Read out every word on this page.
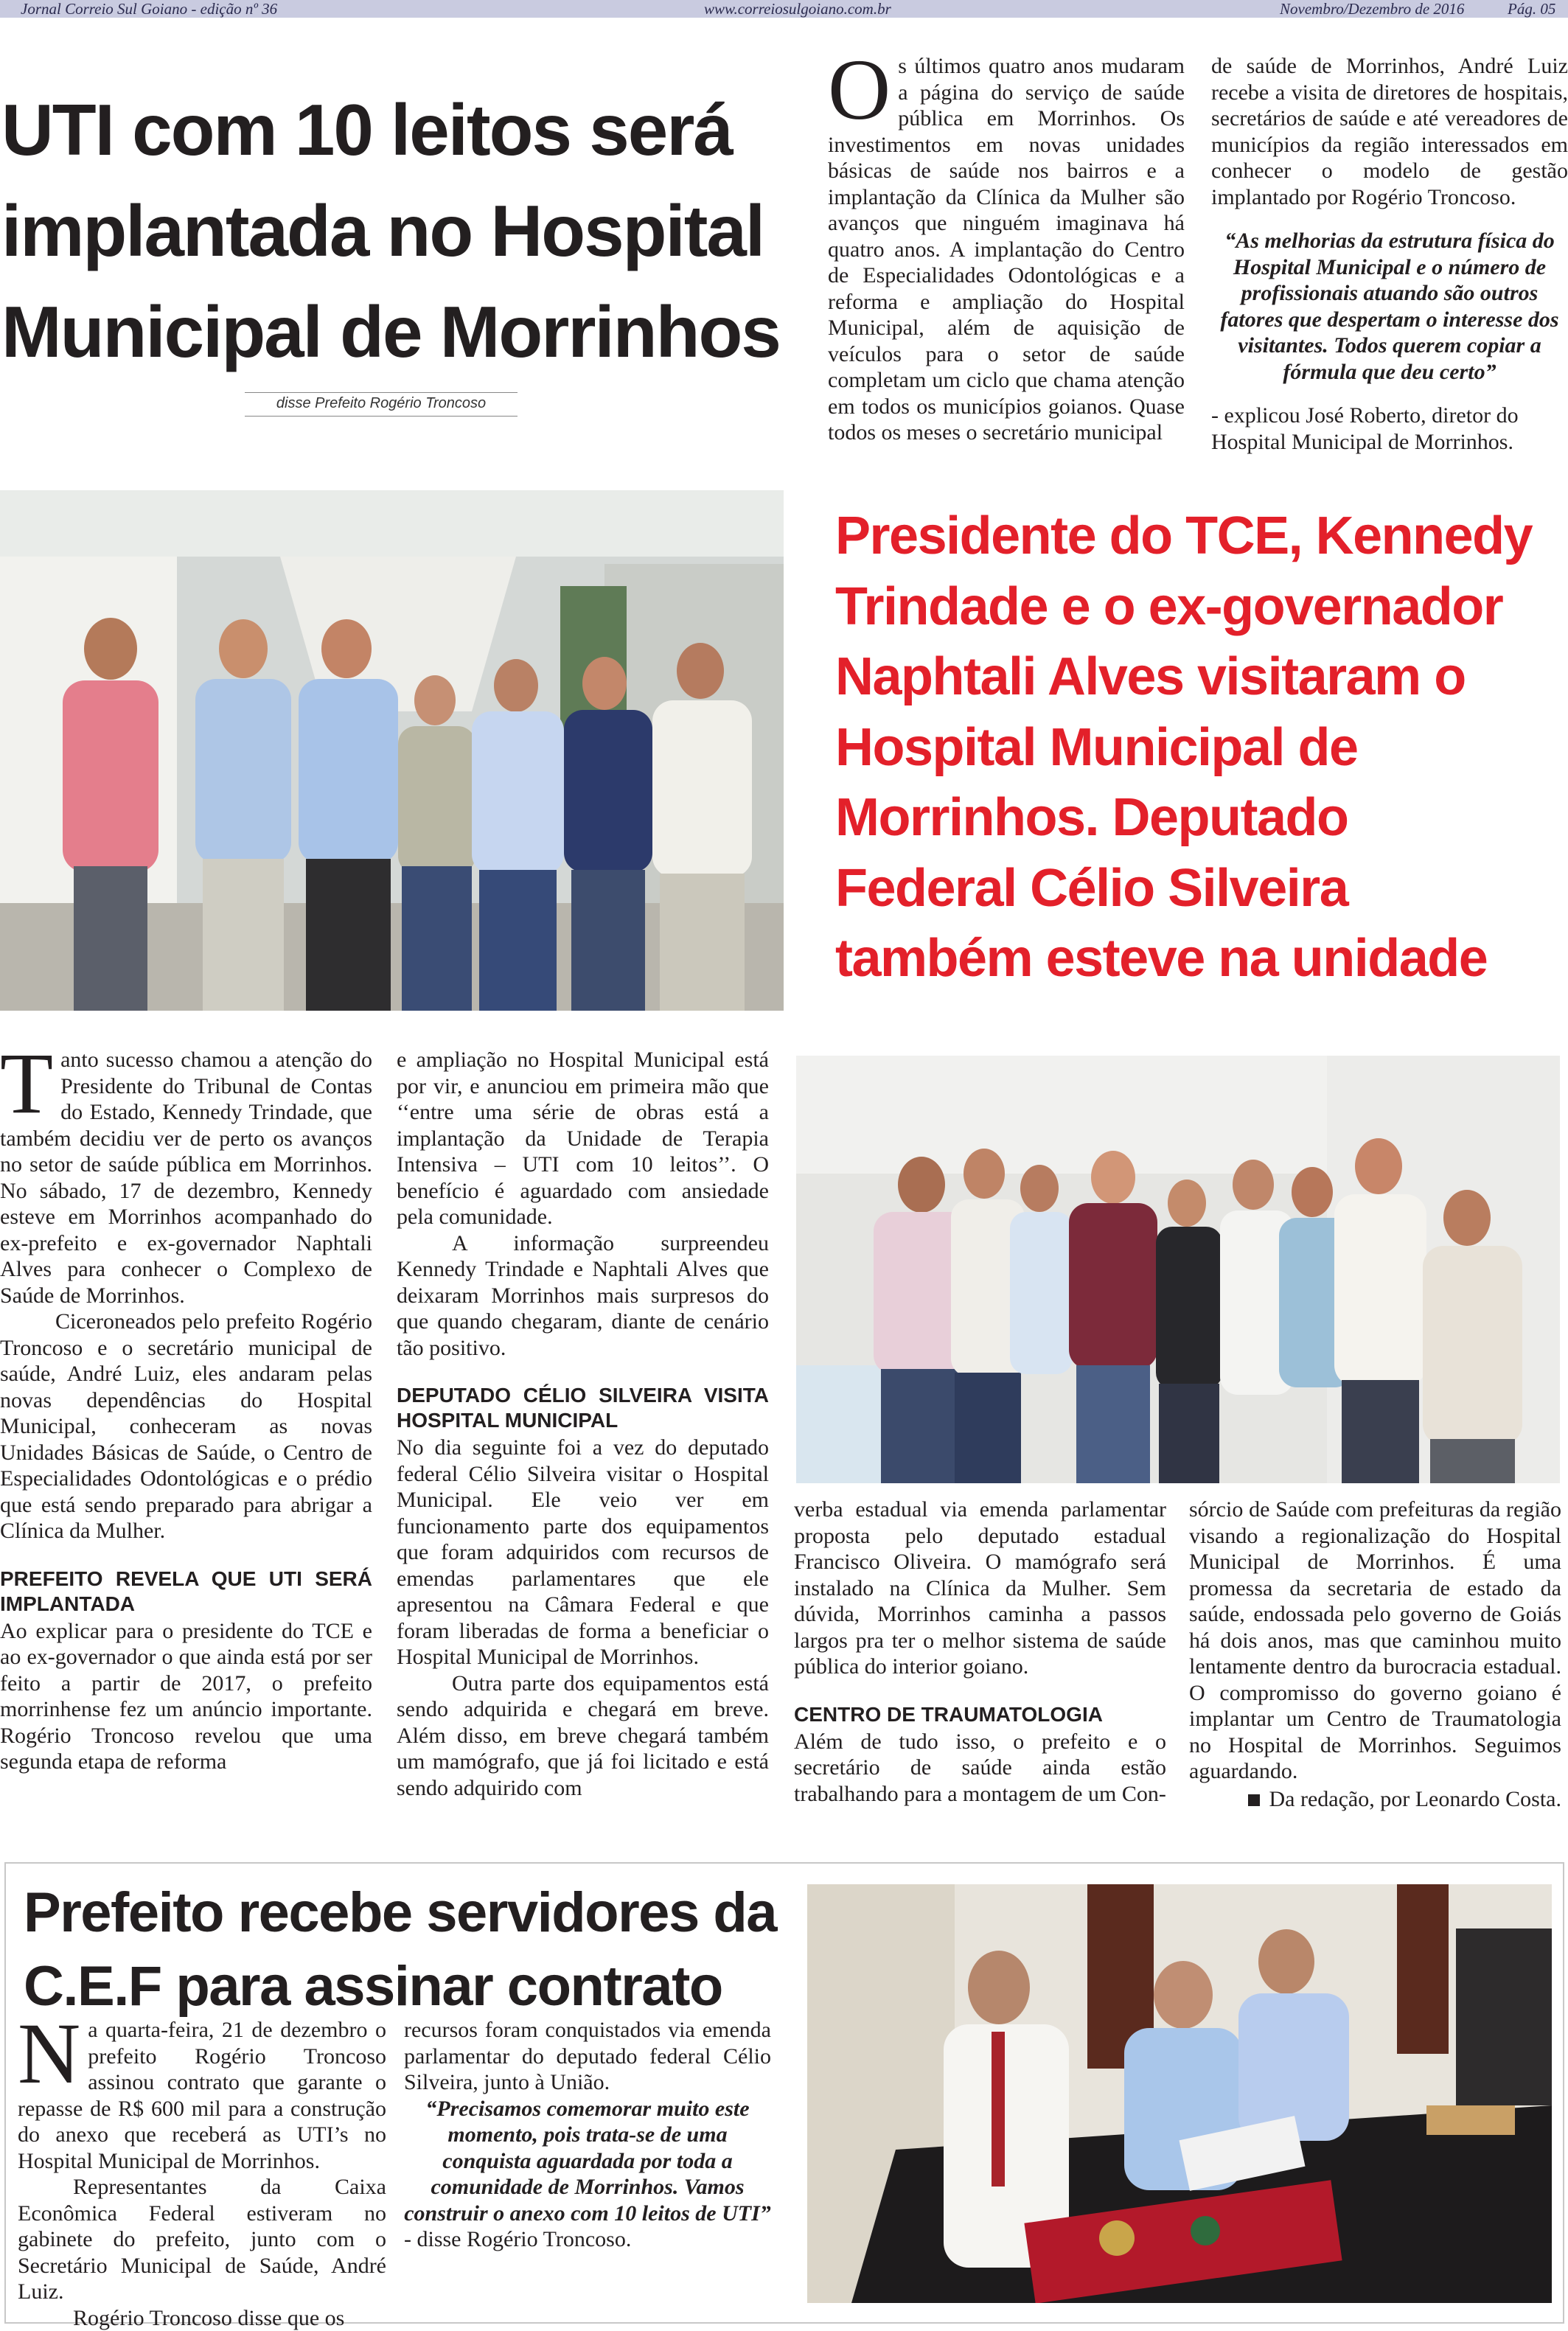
Jornal Correio Sul Goiano - edição nº 36	www.correiosulgoiano.com.br	Novembro/Dezembro de 2016	Pág. 05
UTI com 10 leitos será
implantada no Hospital
Municipal de Morrinhos
disse Prefeito Rogério Troncoso
O s últimos quatro anos mudaram a página do serviço de saúde pública em Morrinhos. Os investimentos em novas unidades básicas de saúde nos bairros e a implantação da Clínica da Mulher são avanços que ninguém imaginava há quatro anos. A implantação do Centro de Especialidades Odontológicas e a reforma e ampliação do Hospital Municipal, além de aquisição de veículos para o setor de saúde completam um ciclo que chama atenção em todos os municípios goianos. Quase todos os meses o secretário municipal

de saúde de Morrinhos, André Luiz recebe a visita de diretores de hospitais, secretários de saúde e até vereadores de municípios da região interessados em conhecer o modelo de gestão implantado por Rogério Troncoso.

“As melhorias da estrutura física do Hospital Municipal e o número de profissionais atuando são outros fatores que despertam o interesse dos visitantes. Todos querem copiar a fórmula que deu certo”

- explicou José Roberto, diretor do Hospital Municipal de Morrinhos.

Presidente do TCE, Kennedy
Trindade e o ex-governador
Naphtali Alves visitaram o
Hospital Municipal de
Morrinhos. Deputado
Federal Célio Silveira
também esteve na unidade
T anto sucesso chamou a atenção do Presidente do Tribunal de Contas do Estado, Kennedy Trindade, que também decidiu ver de perto os avanços no setor de saúde pública em Morrinhos. No sábado, 17 de dezembro, Kennedy esteve em Morrinhos acompanhado do ex-prefeito e ex-governador Naphtali Alves para conhecer o Complexo de Saúde de Morrinhos.

Ciceroneados pelo prefeito Rogério Troncoso e o secretário municipal de saúde, André Luiz, eles andaram pelas novas dependências do Hospital Municipal, conheceram as novas Unidades Básicas de Saúde, o Centro de Especialidades Odontológicas e o prédio que está sendo preparado para abrigar a Clínica da Mulher.

PREFEITO REVELA QUE UTI SERÁ IMPLANTADA

Ao explicar para o presidente do TCE e ao ex-governador o que ainda está por ser feito a partir de 2017, o prefeito morrinhense fez um anúncio importante. Rogério Troncoso revelou que uma segunda etapa de reforma

e ampliação no Hospital Municipal está por vir, e anunciou em primeira mão que ‘‘entre uma série de obras está a implantação da Unidade de Terapia Intensiva – UTI com 10 leitos’’. O benefício é aguardado com ansiedade pela comunidade.

A informação surpreendeu Kennedy Trindade e Naphtali Alves que deixaram Morrinhos mais surpresos do que quando chegaram, diante de cenário tão positivo.

DEPUTADO CÉLIO SILVEIRA VISITA HOSPITAL MUNICIPAL

No dia seguinte foi a vez do deputado federal Célio Silveira visitar o Hospital Municipal. Ele veio ver em funcionamento parte dos equipamentos que foram adquiridos com recursos de emendas parlamentares que ele apresentou na Câmara Federal e que foram liberadas de forma a beneficiar o Hospital Municipal de Morrinhos.

Outra parte dos equipamentos está sendo adquirida e chegará em breve. Além disso, em breve chegará também um mamógrafo, que já foi licitado e está sendo adquirido com

verba estadual via emenda parlamentar proposta pelo deputado estadual Francisco Oliveira. O mamógrafo será instalado na Clínica da Mulher. Sem dúvida, Morrinhos caminha a passos largos pra ter o melhor sistema de saúde pública do interior goiano.

CENTRO DE TRAUMATOLOGIA

Além de tudo isso, o prefeito e o secretário de saúde ainda estão trabalhando para a montagem de um Con-

sórcio de Saúde com prefeituras da região visando a regionalização do Hospital Municipal de Morrinhos. É uma promessa da secretaria de estado da saúde, endossada pelo governo de Goiás há dois anos, mas que caminhou muito lentamente dentro da burocracia estadual. O compromisso do governo goiano é implantar um Centro de Traumatologia no Hospital de Morrinhos. Seguimos aguardando.

Da redação, por Leonardo Costa.

Prefeito recebe servidores da
C.E.F para assinar contrato
N a quarta-feira, 21 de dezembro o prefeito Rogério Troncoso assinou contrato que garante o repasse de R$ 600 mil para a construção do anexo que receberá as UTI’s no Hospital Municipal de Morrinhos.

Representantes da Caixa Econômica Federal estiveram no gabinete do prefeito, junto com o Secretário Municipal de Saúde, André Luiz.

Rogério Troncoso disse que os

recursos foram conquistados via emenda parlamentar do deputado federal Célio Silveira, junto à União.

“Precisamos comemorar muito este momento, pois trata-se de uma conquista aguardada por toda a comunidade de Morrinhos. Vamos construir o anexo com 10 leitos de UTI”

- disse Rogério Troncoso.
